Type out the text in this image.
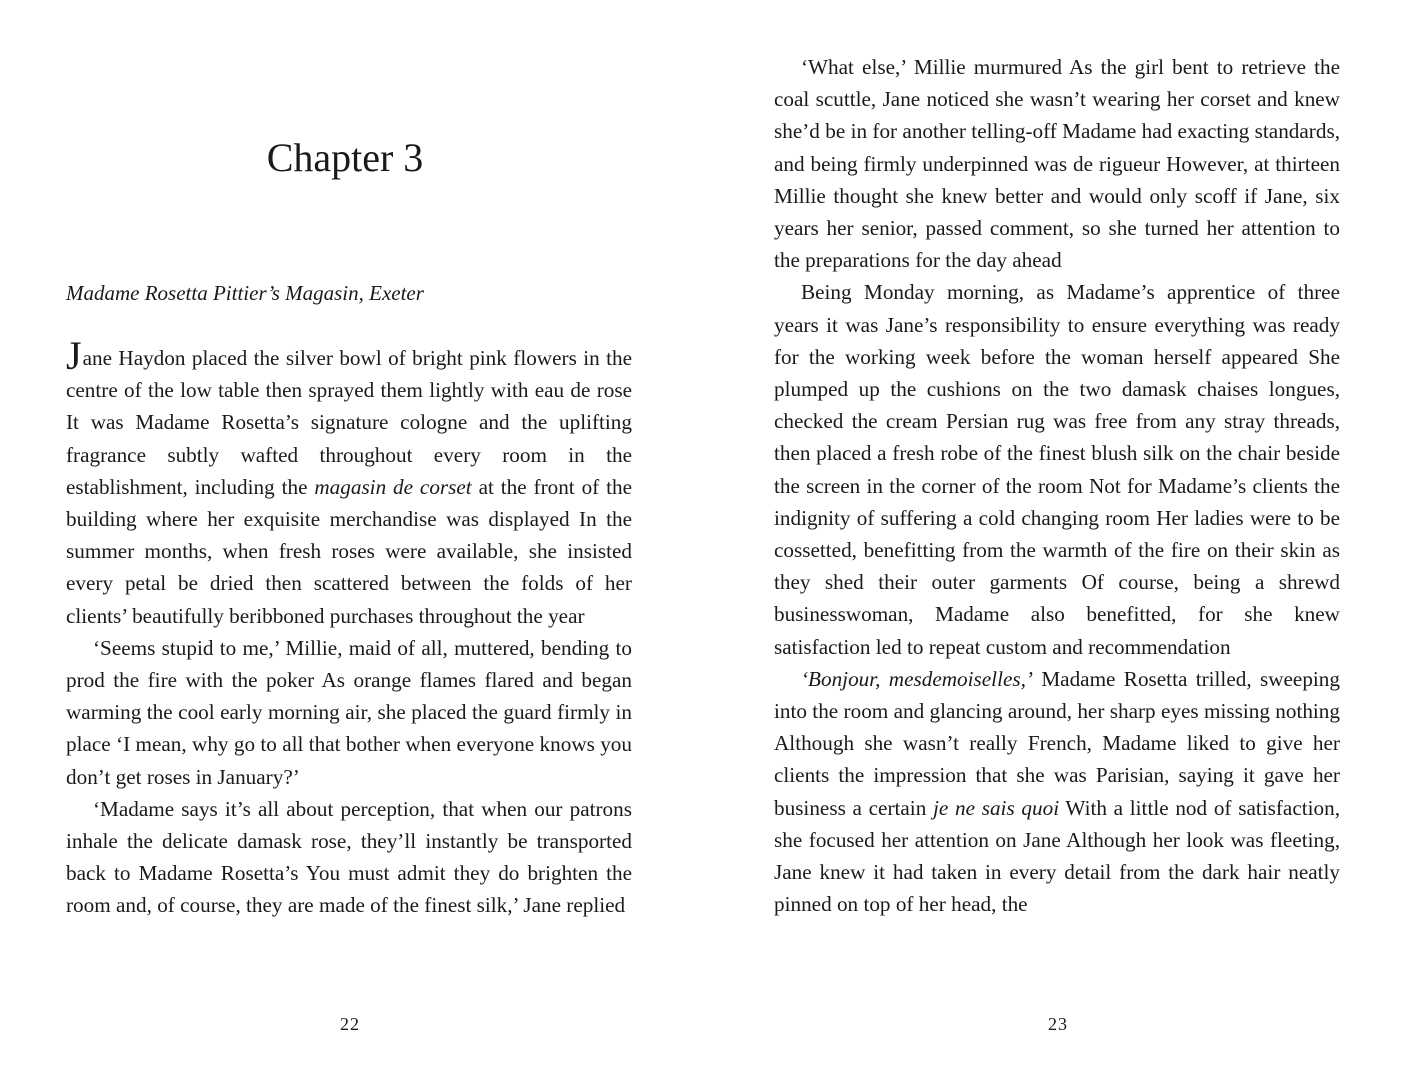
Chapter 3

Madame Rosetta Pittier’s Magasin, Exeter

Jane Haydon placed the silver bowl of bright pink flowers in the centre of the low table then sprayed them lightly with eau de rose It was Madame Rosetta’s signature cologne and the uplifting fragrance subtly wafted throughout every room in the establishment, including the magasin de corset at the front of the building where her exquisite merchandise was displayed In the summer months, when fresh roses were available, she insisted every petal be dried then scattered between the folds of her clients’ beautifully beribboned purchases throughout the year

‘Seems stupid to me,’ Millie, maid of all, muttered, bending to prod the fire with the poker As orange flames flared and began warming the cool early morning air, she placed the guard firmly in place ‘I mean, why go to all that bother when everyone knows you don’t get roses in January?’

‘Madame says it’s all about perception, that when our patrons inhale the delicate damask rose, they’ll instantly be transported back to Madame Rosetta’s You must admit they do brighten the room and, of course, they are made of the finest silk,’ Jane replied

22	23

‘What else,’ Millie murmured As the girl bent to retrieve the coal scuttle, Jane noticed she wasn’t wearing her corset and knew she’d be in for another telling-off Madame had exacting standards, and being firmly underpinned was de rigueur However, at thirteen Millie thought she knew better and would only scoff if Jane, six years her senior, passed comment, so she turned her attention to the preparations for the day ahead

Being Monday morning, as Madame’s apprentice of three years it was Jane’s responsibility to ensure everything was ready for the working week before the woman herself appeared She plumped up the cushions on the two damask chaises longues, checked the cream Persian rug was free from any stray threads, then placed a fresh robe of the finest blush silk on the chair beside the screen in the corner of the room Not for Madame’s clients the indignity of suffering a cold changing room Her ladies were to be cossetted, benefitting from the warmth of the fire on their skin as they shed their outer garments Of course, being a shrewd businesswoman, Madame also benefitted, for she knew satisfaction led to repeat custom and recommendation

‘Bonjour, mesdemoiselles,’ Madame Rosetta trilled, sweeping into the room and glancing around, her sharp eyes missing nothing Although she wasn’t really French, Madame liked to give her clients the impression that she was Parisian, saying it gave her business a certain je ne sais quoi With a little nod of satisfaction, she focused her attention on Jane Although her look was fleeting, Jane knew it had taken in every detail from the dark hair neatly pinned on top of her head, the
